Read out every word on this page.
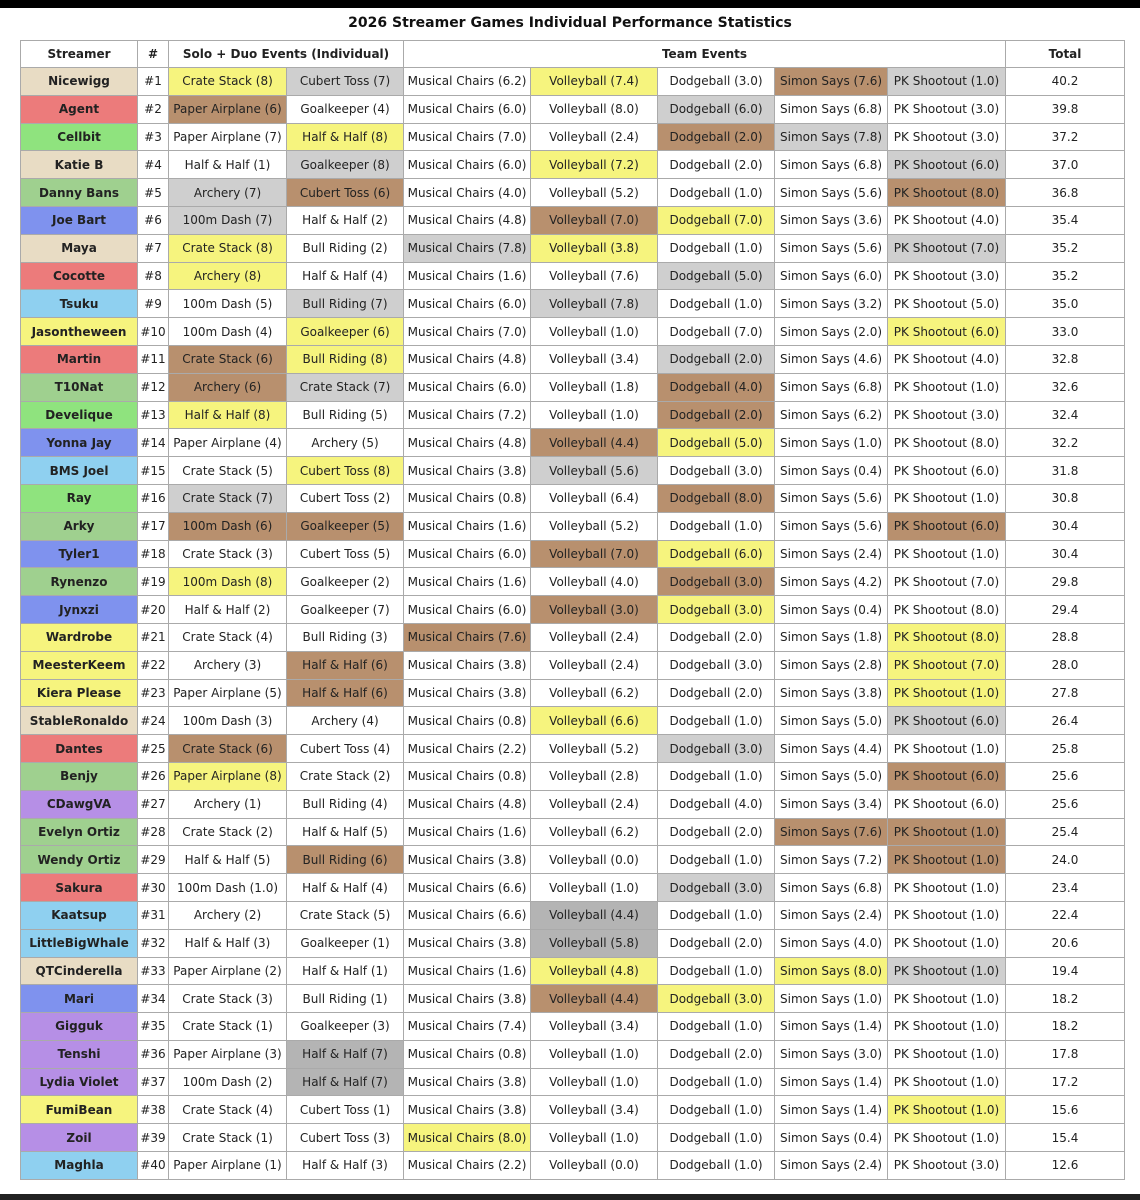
2026 Streamer Games Individual Performance Statistics
Streamer	#	Solo + Duo Events (Individual)		Team Events					Total
Nicewigg	#1	Crate Stack (8)	Cubert Toss (7)	Musical Chairs (6.2)	Volleyball (7.4)	Dodgeball (3.0)	Simon Says (7.6)	PK Shootout (1.0)	40.2
Agent	#2	Paper Airplane (6)	Goalkeeper (4)	Musical Chairs (6.0)	Volleyball (8.0)	Dodgeball (6.0)	Simon Says (6.8)	PK Shootout (3.0)	39.8
Cellbit	#3	Paper Airplane (7)	Half & Half (8)	Musical Chairs (7.0)	Volleyball (2.4)	Dodgeball (2.0)	Simon Says (7.8)	PK Shootout (3.0)	37.2
Katie B	#4	Half & Half (1)	Goalkeeper (8)	Musical Chairs (6.0)	Volleyball (7.2)	Dodgeball (2.0)	Simon Says (6.8)	PK Shootout (6.0)	37.0
Danny Bans	#5	Archery (7)	Cubert Toss (6)	Musical Chairs (4.0)	Volleyball (5.2)	Dodgeball (1.0)	Simon Says (5.6)	PK Shootout (8.0)	36.8
Joe Bart	#6	100m Dash (7)	Half & Half (2)	Musical Chairs (4.8)	Volleyball (7.0)	Dodgeball (7.0)	Simon Says (3.6)	PK Shootout (4.0)	35.4
Maya	#7	Crate Stack (8)	Bull Riding (2)	Musical Chairs (7.8)	Volleyball (3.8)	Dodgeball (1.0)	Simon Says (5.6)	PK Shootout (7.0)	35.2
Cocotte	#8	Archery (8)	Half & Half (4)	Musical Chairs (1.6)	Volleyball (7.6)	Dodgeball (5.0)	Simon Says (6.0)	PK Shootout (3.0)	35.2
Tsuku	#9	100m Dash (5)	Bull Riding (7)	Musical Chairs (6.0)	Volleyball (7.8)	Dodgeball (1.0)	Simon Says (3.2)	PK Shootout (5.0)	35.0
Jasontheween	#10	100m Dash (4)	Goalkeeper (6)	Musical Chairs (7.0)	Volleyball (1.0)	Dodgeball (7.0)	Simon Says (2.0)	PK Shootout (6.0)	33.0
Martin	#11	Crate Stack (6)	Bull Riding (8)	Musical Chairs (4.8)	Volleyball (3.4)	Dodgeball (2.0)	Simon Says (4.6)	PK Shootout (4.0)	32.8
T10Nat	#12	Archery (6)	Crate Stack (7)	Musical Chairs (6.0)	Volleyball (1.8)	Dodgeball (4.0)	Simon Says (6.8)	PK Shootout (1.0)	32.6
Develique	#13	Half & Half (8)	Bull Riding (5)	Musical Chairs (7.2)	Volleyball (1.0)	Dodgeball (2.0)	Simon Says (6.2)	PK Shootout (3.0)	32.4
Yonna Jay	#14	Paper Airplane (4)	Archery (5)	Musical Chairs (4.8)	Volleyball (4.4)	Dodgeball (5.0)	Simon Says (1.0)	PK Shootout (8.0)	32.2
BMS Joel	#15	Crate Stack (5)	Cubert Toss (8)	Musical Chairs (3.8)	Volleyball (5.6)	Dodgeball (3.0)	Simon Says (0.4)	PK Shootout (6.0)	31.8
Ray	#16	Crate Stack (7)	Cubert Toss (2)	Musical Chairs (0.8)	Volleyball (6.4)	Dodgeball (8.0)	Simon Says (5.6)	PK Shootout (1.0)	30.8
Arky	#17	100m Dash (6)	Goalkeeper (5)	Musical Chairs (1.6)	Volleyball (5.2)	Dodgeball (1.0)	Simon Says (5.6)	PK Shootout (6.0)	30.4
Tyler1	#18	Crate Stack (3)	Cubert Toss (5)	Musical Chairs (6.0)	Volleyball (7.0)	Dodgeball (6.0)	Simon Says (2.4)	PK Shootout (1.0)	30.4
Rynenzo	#19	100m Dash (8)	Goalkeeper (2)	Musical Chairs (1.6)	Volleyball (4.0)	Dodgeball (3.0)	Simon Says (4.2)	PK Shootout (7.0)	29.8
Jynxzi	#20	Half & Half (2)	Goalkeeper (7)	Musical Chairs (6.0)	Volleyball (3.0)	Dodgeball (3.0)	Simon Says (0.4)	PK Shootout (8.0)	29.4
Wardrobe	#21	Crate Stack (4)	Bull Riding (3)	Musical Chairs (7.6)	Volleyball (2.4)	Dodgeball (2.0)	Simon Says (1.8)	PK Shootout (8.0)	28.8
MeesterKeem	#22	Archery (3)	Half & Half (6)	Musical Chairs (3.8)	Volleyball (2.4)	Dodgeball (3.0)	Simon Says (2.8)	PK Shootout (7.0)	28.0
Kiera Please	#23	Paper Airplane (5)	Half & Half (6)	Musical Chairs (3.8)	Volleyball (6.2)	Dodgeball (2.0)	Simon Says (3.8)	PK Shootout (1.0)	27.8
StableRonaldo	#24	100m Dash (3)	Archery (4)	Musical Chairs (0.8)	Volleyball (6.6)	Dodgeball (1.0)	Simon Says (5.0)	PK Shootout (6.0)	26.4
Dantes	#25	Crate Stack (6)	Cubert Toss (4)	Musical Chairs (2.2)	Volleyball (5.2)	Dodgeball (3.0)	Simon Says (4.4)	PK Shootout (1.0)	25.8
Benjy	#26	Paper Airplane (8)	Crate Stack (2)	Musical Chairs (0.8)	Volleyball (2.8)	Dodgeball (1.0)	Simon Says (5.0)	PK Shootout (6.0)	25.6
CDawgVA	#27	Archery (1)	Bull Riding (4)	Musical Chairs (4.8)	Volleyball (2.4)	Dodgeball (4.0)	Simon Says (3.4)	PK Shootout (6.0)	25.6
Evelyn Ortiz	#28	Crate Stack (2)	Half & Half (5)	Musical Chairs (1.6)	Volleyball (6.2)	Dodgeball (2.0)	Simon Says (7.6)	PK Shootout (1.0)	25.4
Wendy Ortiz	#29	Half & Half (5)	Bull Riding (6)	Musical Chairs (3.8)	Volleyball (0.0)	Dodgeball (1.0)	Simon Says (7.2)	PK Shootout (1.0)	24.0
Sakura	#30	100m Dash (1.0)	Half & Half (4)	Musical Chairs (6.6)	Volleyball (1.0)	Dodgeball (3.0)	Simon Says (6.8)	PK Shootout (1.0)	23.4
Kaatsup	#31	Archery (2)	Crate Stack (5)	Musical Chairs (6.6)	Volleyball (4.4)	Dodgeball (1.0)	Simon Says (2.4)	PK Shootout (1.0)	22.4
LittleBigWhale	#32	Half & Half (3)	Goalkeeper (1)	Musical Chairs (3.8)	Volleyball (5.8)	Dodgeball (2.0)	Simon Says (4.0)	PK Shootout (1.0)	20.6
QTCinderella	#33	Paper Airplane (2)	Half & Half (1)	Musical Chairs (1.6)	Volleyball (4.8)	Dodgeball (1.0)	Simon Says (8.0)	PK Shootout (1.0)	19.4
Mari	#34	Crate Stack (3)	Bull Riding (1)	Musical Chairs (3.8)	Volleyball (4.4)	Dodgeball (3.0)	Simon Says (1.0)	PK Shootout (1.0)	18.2
Gigguk	#35	Crate Stack (1)	Goalkeeper (3)	Musical Chairs (7.4)	Volleyball (3.4)	Dodgeball (1.0)	Simon Says (1.4)	PK Shootout (1.0)	18.2
Tenshi	#36	Paper Airplane (3)	Half & Half (7)	Musical Chairs (0.8)	Volleyball (1.0)	Dodgeball (2.0)	Simon Says (3.0)	PK Shootout (1.0)	17.8
Lydia Violet	#37	100m Dash (2)	Half & Half (7)	Musical Chairs (3.8)	Volleyball (1.0)	Dodgeball (1.0)	Simon Says (1.4)	PK Shootout (1.0)	17.2
FumiBean	#38	Crate Stack (4)	Cubert Toss (1)	Musical Chairs (3.8)	Volleyball (3.4)	Dodgeball (1.0)	Simon Says (1.4)	PK Shootout (1.0)	15.6
Zoil	#39	Crate Stack (1)	Cubert Toss (3)	Musical Chairs (8.0)	Volleyball (1.0)	Dodgeball (1.0)	Simon Says (0.4)	PK Shootout (1.0)	15.4
Maghla	#40	Paper Airplane (1)	Half & Half (3)	Musical Chairs (2.2)	Volleyball (0.0)	Dodgeball (1.0)	Simon Says (2.4)	PK Shootout (3.0)	12.6
